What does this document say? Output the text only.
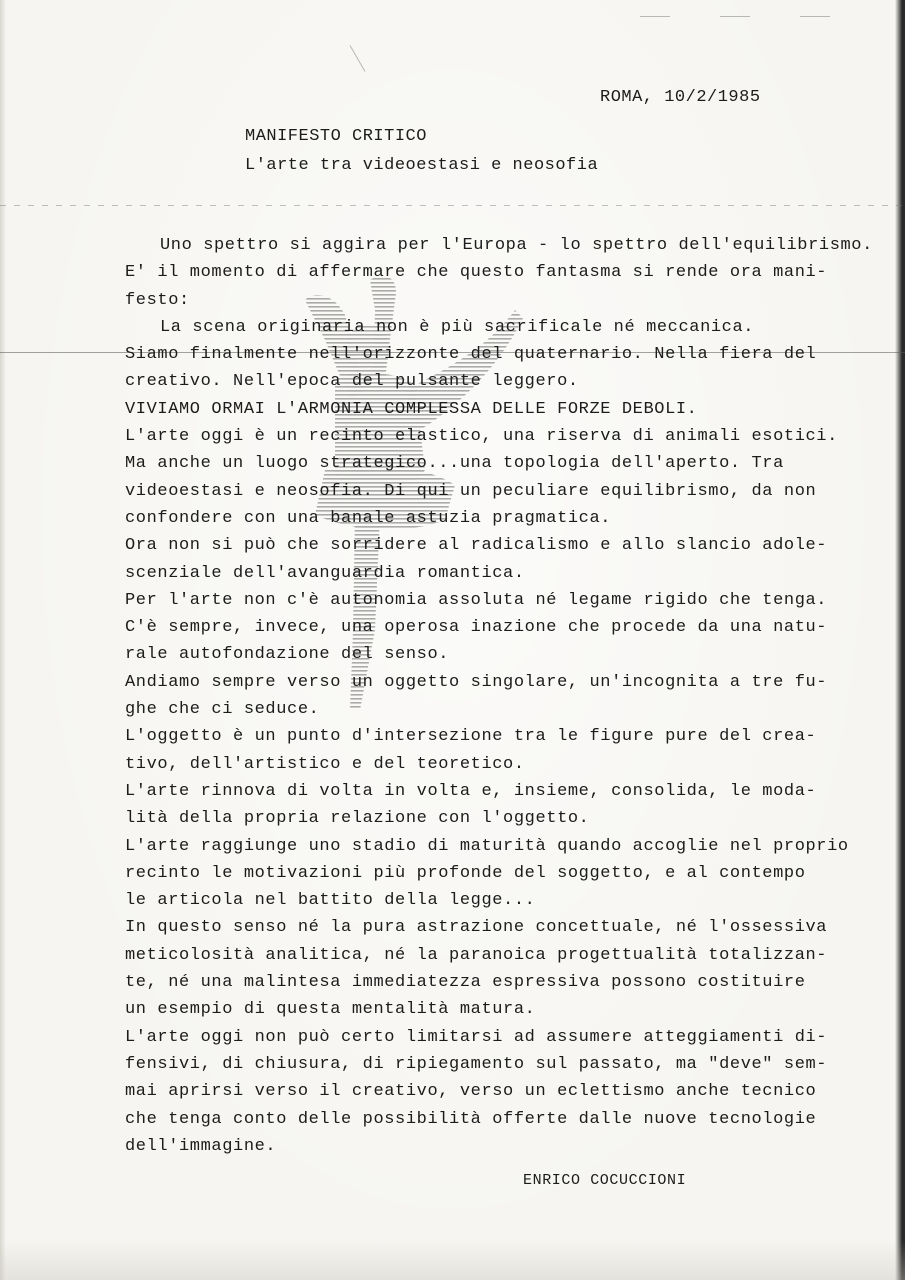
ROMA, 10/2/1985
MANIFESTO CRITICO
L'arte tra videoestasi e neosofia
Uno spettro si aggira per l'Europa - lo spettro dell'equilibrismo.
E' il momento di affermare che questo fantasma si rende ora mani-
festo:
La scena originaria non è più sacrificale né meccanica.
Siamo finalmente nell'orizzonte del quaternario. Nella fiera del
creativo. Nell'epoca del pulsante leggero.
VIVIAMO ORMAI L'ARMONIA COMPLESSA DELLE FORZE DEBOLI.
L'arte oggi è un recinto elastico, una riserva di animali esotici.
Ma anche un luogo strategico...una topologia dell'aperto. Tra
videoestasi e neosofia. Di qui un peculiare equilibrismo, da non
confondere con una banale astuzia pragmatica.
Ora non si può che sorridere al radicalismo e allo slancio adole-
scenziale dell'avanguardia romantica.
Per l'arte non c'è autonomia assoluta né legame rigido che tenga.
C'è sempre, invece, una operosa inazione che procede da una natu-
rale autofondazione del senso.
Andiamo sempre verso un oggetto singolare, un'incognita a tre fu-
ghe che ci seduce.
L'oggetto è un punto d'intersezione tra le figure pure del crea-
tivo, dell'artistico e del teoretico.
L'arte rinnova di volta in volta e, insieme, consolida, le moda-
lità della propria relazione con l'oggetto.
L'arte raggiunge uno stadio di maturità quando accoglie nel proprio
recinto le motivazioni più profonde del soggetto, e al contempo
le articola nel battito della legge...
In questo senso né la pura astrazione concettuale, né l'ossessiva
meticolosità analitica, né la paranoica progettualità totalizzan-
te, né una malintesa immediatezza espressiva possono costituire
un esempio di questa mentalità matura.
L'arte oggi non può certo limitarsi ad assumere atteggiamenti di-
fensivi, di chiusura, di ripiegamento sul passato, ma "deve" sem-
mai aprirsi verso il creativo, verso un eclettismo anche tecnico
che tenga conto delle possibilità offerte dalle nuove tecnologie
dell'immagine.
ENRICO COCUCCIONI
